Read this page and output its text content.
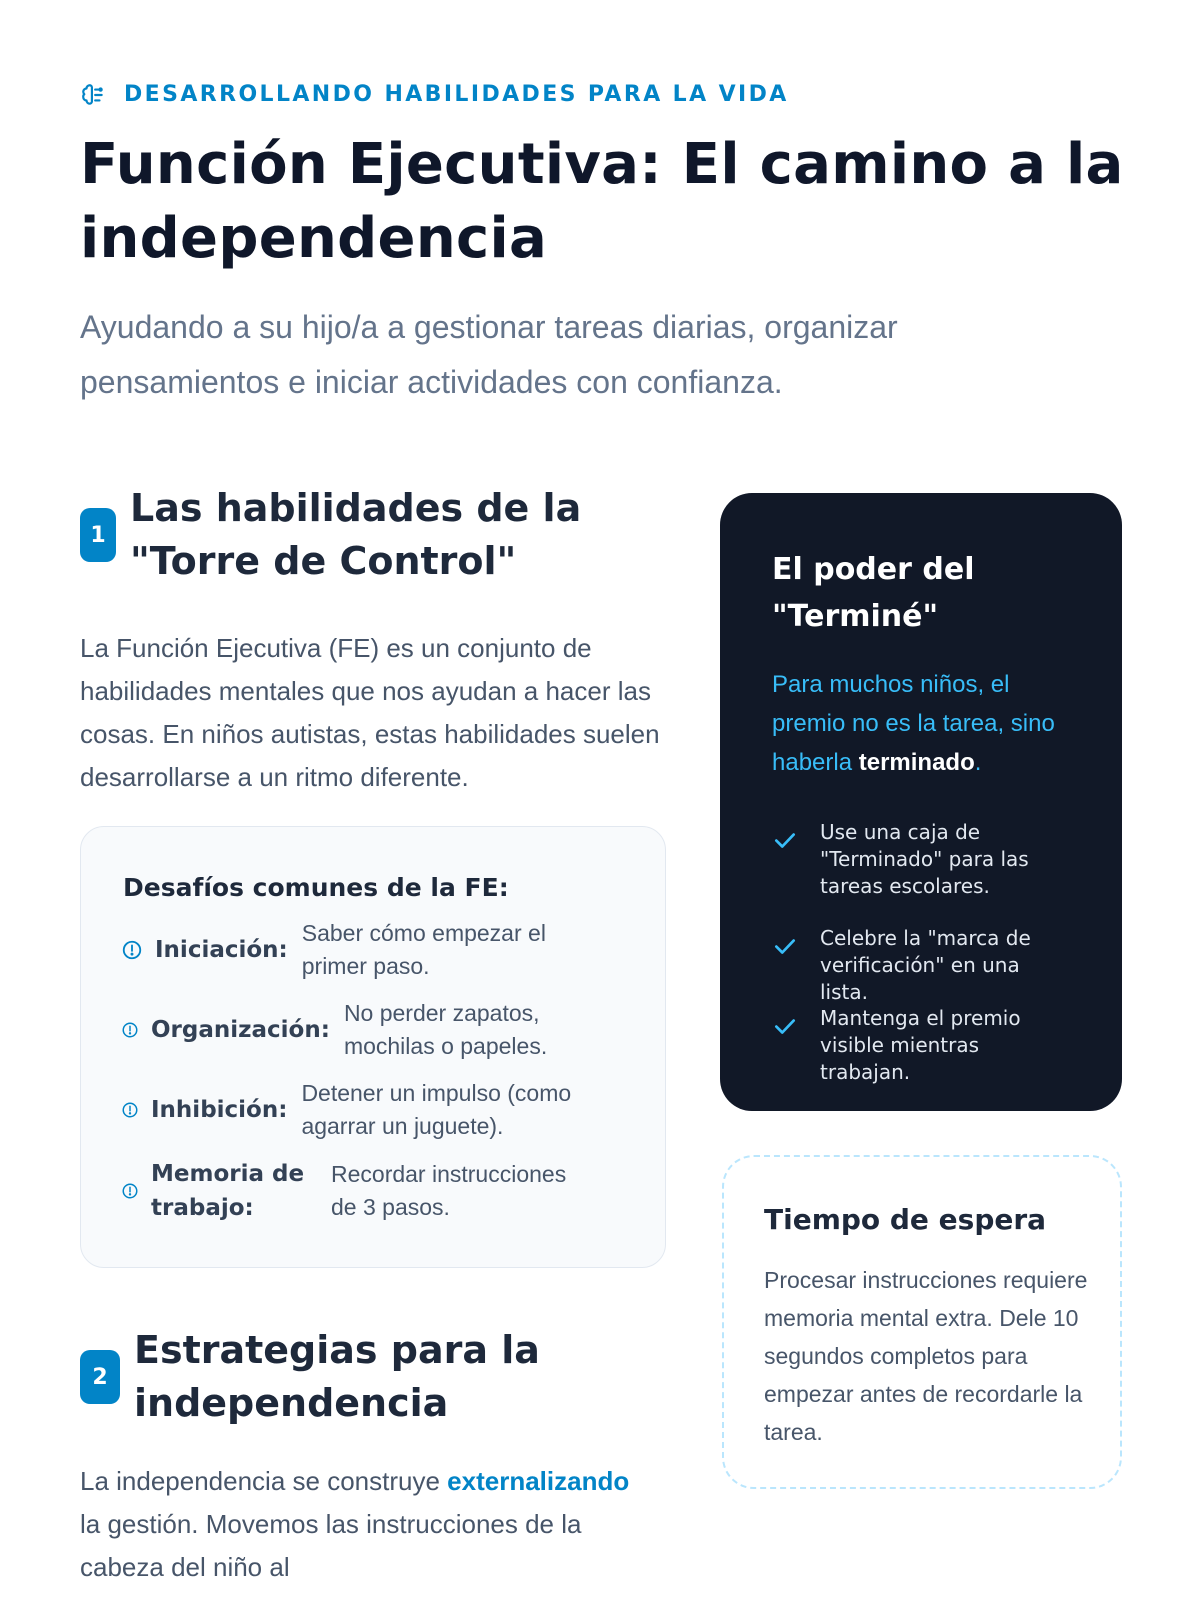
DESARROLLANDO HABILIDADES PARA LA VIDA
Función Ejecutiva: El camino a la independencia

Ayudando a su hijo/a a gestionar tareas diarias, organizar pensamientos e iniciar actividades con confianza.

1
Las habilidades de la "Torre de Control"

La Función Ejecutiva (FE) es un conjunto de habilidades mentales que nos ayudan a hacer las cosas. En niños autistas, estas habilidades suelen desarrollarse a un ritmo diferente.

Desafíos comunes de la FE:
Iniciación:
Saber cómo empezar el primer paso.
Organización:
No perder zapatos, mochilas o papeles.
Inhibición:
Detener un impulso (como agarrar un juguete).
Memoria de trabajo:
Recordar instrucciones de 3 pasos.
2
Estrategias para la independencia

La independencia se construye externalizando la gestión. Movemos las instrucciones de la cabeza del niño al

El poder del "Terminé"

Para muchos niños, el premio no es la tarea, sino haberla terminado.

Use una caja de "Terminado" para las tareas escolares.
Celebre la "marca de verificación" en una lista.
Mantenga el premio visible mientras trabajan.
Tiempo de espera

Procesar instrucciones requiere memoria mental extra. Dele 10 segundos completos para empezar antes de recordarle la tarea.
